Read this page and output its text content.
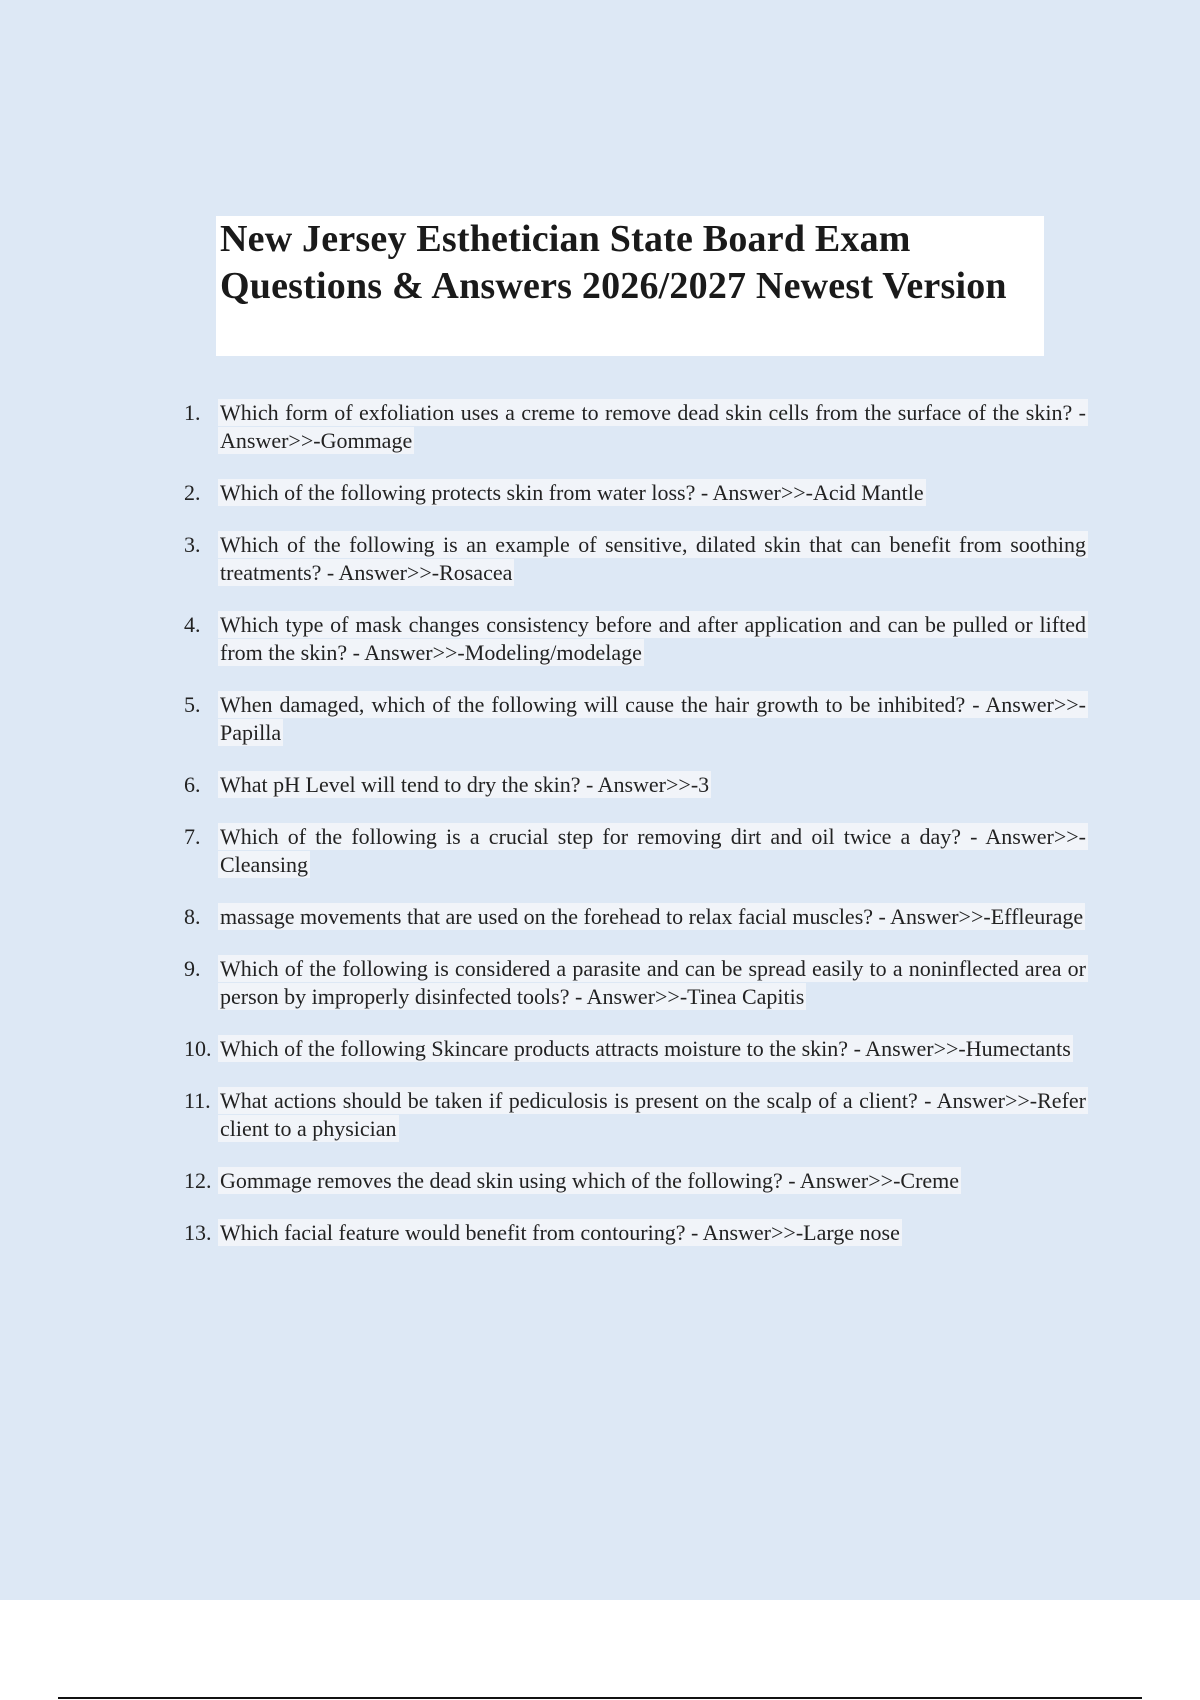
New Jersey Esthetician State Board Exam Questions & Answers 2026/2027 Newest Version
1. Which form of exfoliation uses a creme to remove dead skin cells from the surface of the skin? - Answer>>-Gommage
2. Which of the following protects skin from water loss? - Answer>>-Acid Mantle
3. Which of the following is an example of sensitive, dilated skin that can benefit from soothing treatments? - Answer>>-Rosacea
4. Which type of mask changes consistency before and after application and can be pulled or lifted from the skin? - Answer>>-Modeling/modelage
5. When damaged, which of the following will cause the hair growth to be inhibited? - Answer>>-Papilla
6. What pH Level will tend to dry the skin? - Answer>>-3
7. Which of the following is a crucial step for removing dirt and oil twice a day? - Answer>>-Cleansing
8. massage movements that are used on the forehead to relax facial muscles? - Answer>>-Effleurage
9. Which of the following is considered a parasite and can be spread easily to a noninflected area or person by improperly disinfected tools? - Answer>>-Tinea Capitis
10. Which of the following Skincare products attracts moisture to the skin? - Answer>>-Humectants
11. What actions should be taken if pediculosis is present on the scalp of a client? - Answer>>-Refer client to a physician
12. Gommage removes the dead skin using which of the following? - Answer>>-Creme
13. Which facial feature would benefit from contouring? - Answer>>-Large nose
